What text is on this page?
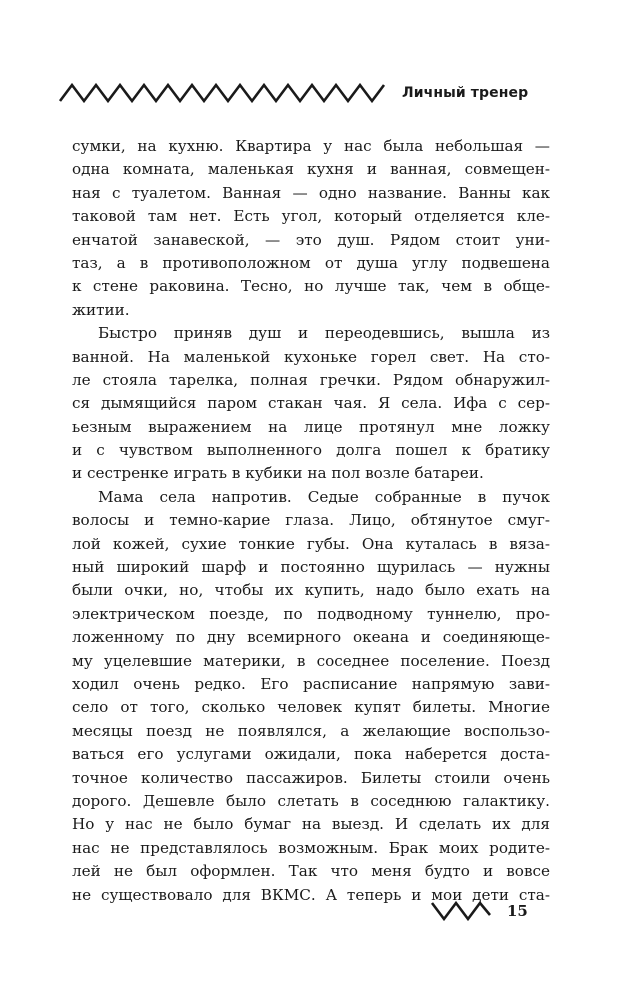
Личный тренер
сумки, на кухню. Квартира у нас была небольшая —
одна комната, маленькая кухня и ванная, совмещен-
ная с туалетом. Ванная — одно название. Ванны как
таковой там нет. Есть угол, который отделяется кле-
енчатой занавеской, — это душ. Рядом стоит уни-
таз, а в противоположном от душа углу подвешена
к стене раковина. Тесно, но лучше так, чем в обще-
житии.
Быстро приняв душ и переодевшись, вышла из
ванной. На маленькой кухоньке горел свет. На сто-
ле стояла тарелка, полная гречки. Рядом обнаружил-
ся дымящийся паром стакан чая. Я села. Ифа с сер-
ьезным выражением на лице протянул мне ложку
и с чувством выполненного долга пошел к братику
и сестренке играть в кубики на пол возле батареи.
Мама села напротив. Седые собранные в пучок
волосы и темно-карие глаза. Лицо, обтянутое смуг-
лой кожей, сухие тонкие губы. Она куталась в вяза-
ный широкий шарф и постоянно щурилась — нужны
были очки, но, чтобы их купить, надо было ехать на
электрическом поезде, по подводному туннелю, про-
ложенному по дну всемирного океана и соединяюще-
му уцелевшие материки, в соседнее поселение. Поезд
ходил очень редко. Его расписание напрямую зави-
село от того, сколько человек купят билеты. Многие
месяцы поезд не появлялся, а желающие воспользо-
ваться его услугами ожидали, пока наберется доста-
точное количество пассажиров. Билеты стоили очень
дорого. Дешевле было слетать в соседнюю галактику.
Но у нас не было бумаг на выезд. И сделать их для
нас не представлялось возможным. Брак моих родите-
лей не был оформлен. Так что меня будто и вовсе
не существовало для ВКМС. А теперь и мои дети ста-
15
